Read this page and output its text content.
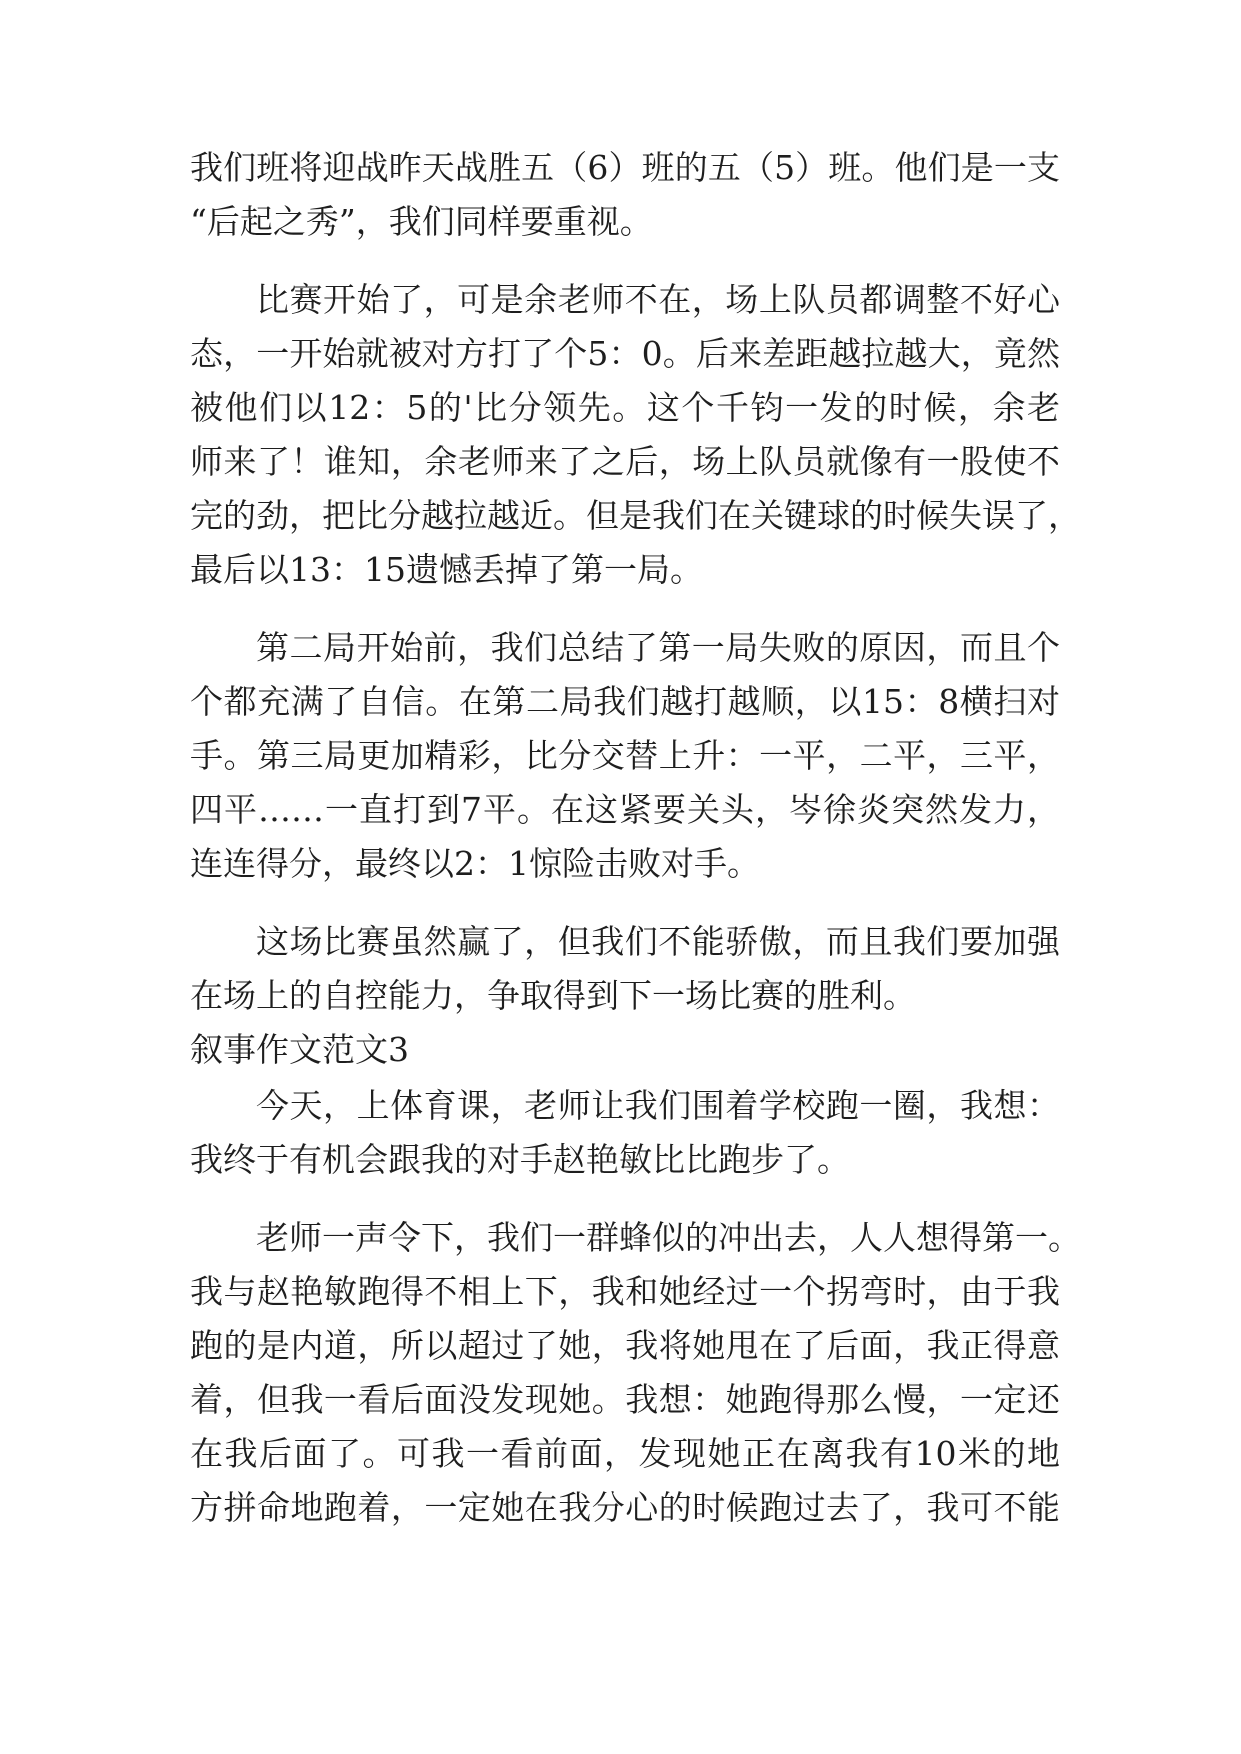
我们班将迎战昨天战胜五（6）班的五（5）班。他们是一支
“后起之秀”，我们同样要重视。
比赛开始了，可是余老师不在，场上队员都调整不好心
态，一开始就被对方打了个5：0。后来差距越拉越大，竟然
被他们以12：5的'比分领先。这个千钧一发的时候，余老
师来了！谁知，余老师来了之后，场上队员就像有一股使不
完的劲，把比分越拉越近。但是我们在关键球的时候失误了，
最后以13：15遗憾丢掉了第一局。
第二局开始前，我们总结了第一局失败的原因，而且个
个都充满了自信。在第二局我们越打越顺，以15：8横扫对
手。第三局更加精彩，比分交替上升：一平，二平，三平，
四平……一直打到7平。在这紧要关头，岑徐炎突然发力，
连连得分，最终以2：1惊险击败对手。
这场比赛虽然赢了，但我们不能骄傲，而且我们要加强
在场上的自控能力，争取得到下一场比赛的胜利。
叙事作文范文3
今天，上体育课，老师让我们围着学校跑一圈，我想：
我终于有机会跟我的对手赵艳敏比比跑步了。
老师一声令下，我们一群蜂似的冲出去，人人想得第一。
我与赵艳敏跑得不相上下，我和她经过一个拐弯时，由于我
跑的是内道，所以超过了她，我将她甩在了后面，我正得意
着，但我一看后面没发现她。我想：她跑得那么慢，一定还
在我后面了。可我一看前面，发现她正在离我有10米的地
方拼命地跑着，一定她在我分心的时候跑过去了，我可不能
